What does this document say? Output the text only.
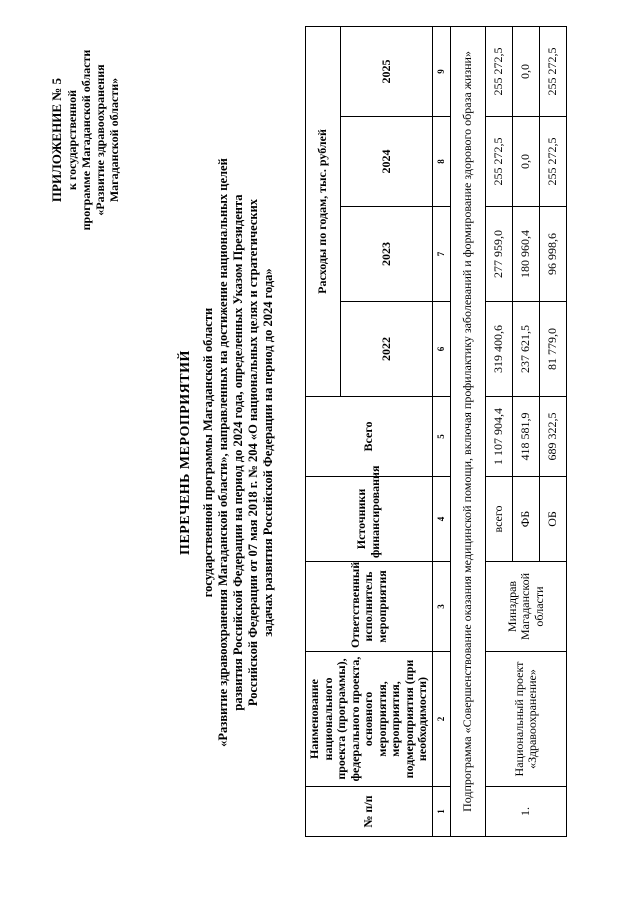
ПРИЛОЖЕНИЕ № 5 к государственной программе Магаданской области «Развитие здравоохранения Магаданской области»
ПЕРЕЧЕНЬ МЕРОПРИЯТИЙ государственной программы Магаданской области «Развитие здравоохранения Магаданской области», направленных на достижение национальных целей развития Российской Федерации на период до 2024 года, определенных Указом Президента Российской Федерации от 07 мая 2018 г. № 204 «О национальных целях и стратегических задачах развития Российской Федерации на период до 2024 года»
№ п/п	Наименование национального проекта (программы), федерального проекта, основного мероприятия, мероприятия, подмероприятия (при необходимости)	Ответственный исполнитель мероприятия	Источники финансирования	Всего	Расходы по годам, тыс. рублей			
					2022	2023	2024	2025
1	2	3	4	5	6	7	8	9
Подпрограмма «Совершенствование оказания медицинской помощи, включая профилактику заболеваний и формирование здорового образа жизни»								
1.	Национальный проект «Здравоохранение»	Минздрав Магаданской области	всего	1 107 904,4	319 400,6	277 959,0	255 272,5	255 272,5
			ФБ	418 581,9	237 621,5	180 960,4	0,0	0,0
			ОБ	689 322,5	81 779,0	96 998,6	255 272,5	255 272,5
